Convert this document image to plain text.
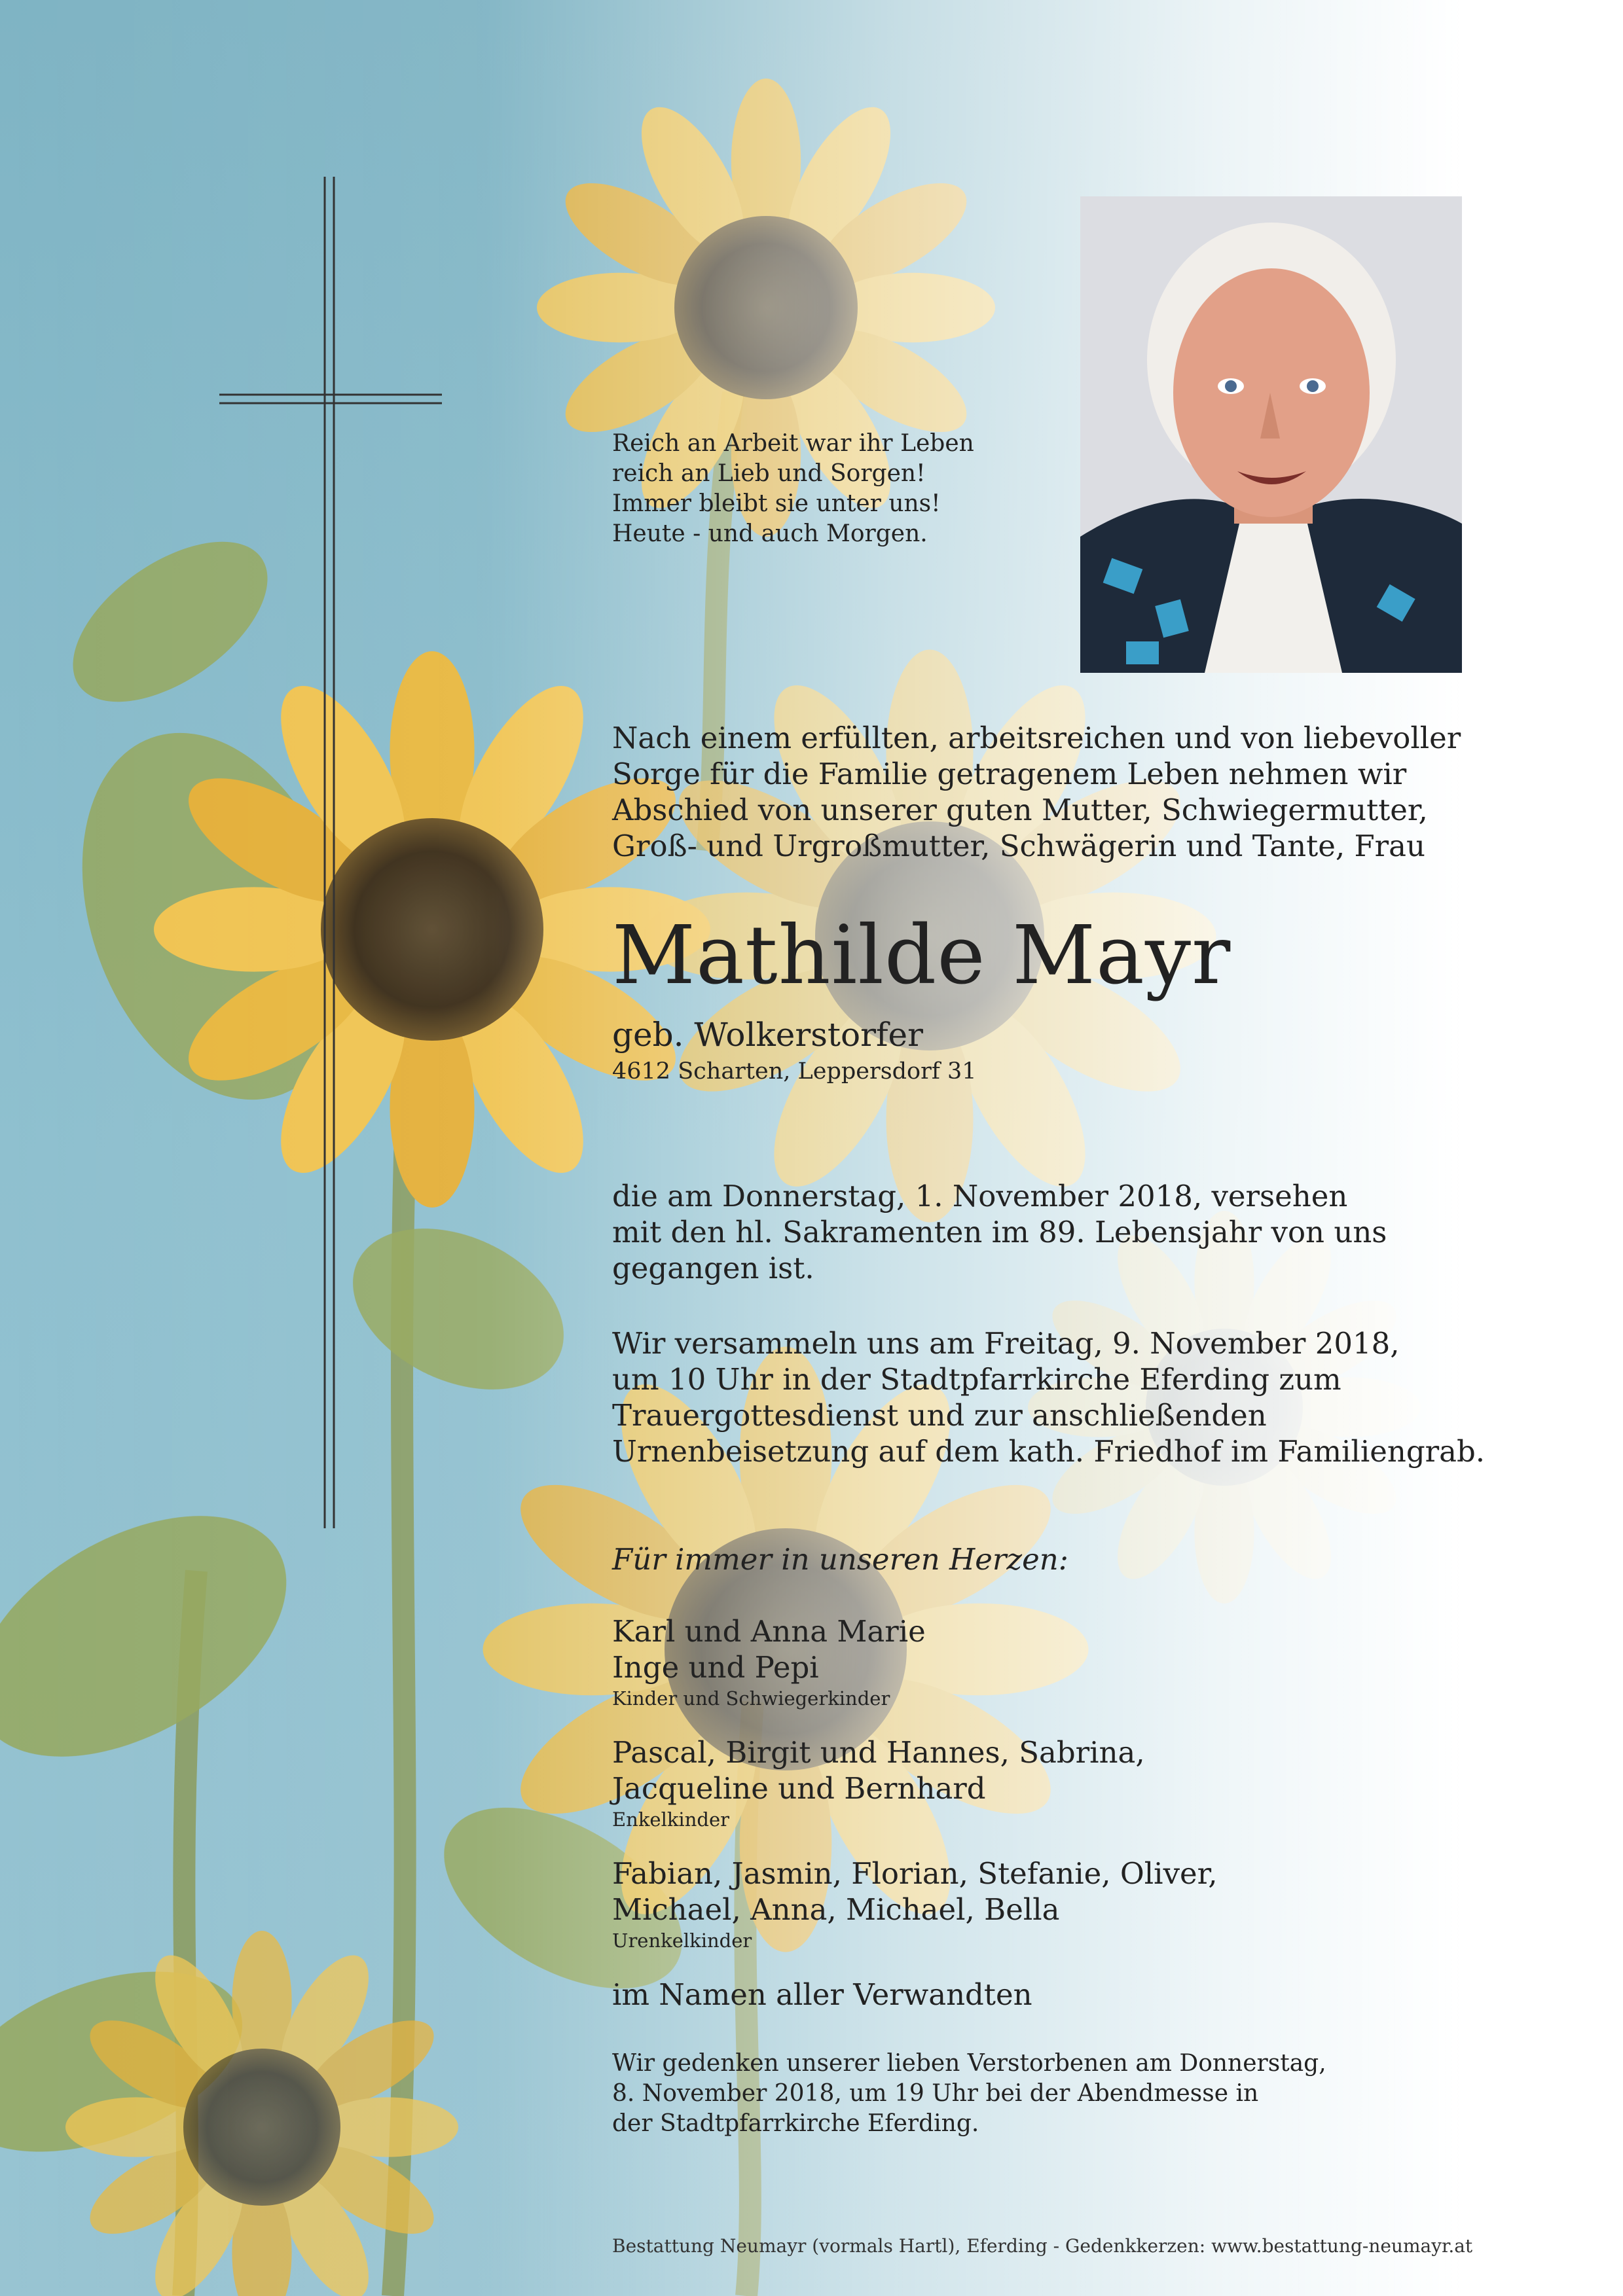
Reich an Arbeit war ihr Leben
reich an Lieb und Sorgen!
Immer bleibt sie unter uns!
Heute - und auch Morgen.
Nach einem erfüllten, arbeitsreichen und von liebevoller
Sorge für die Familie getragenem Leben nehmen wir
Abschied von unserer guten Mutter, Schwiegermutter,
Groß- und Urgroßmutter, Schwägerin und Tante, Frau
Mathilde Mayr
geb. Wolkerstorfer
4612 Scharten, Leppersdorf 31
die am Donnerstag, 1. November 2018, versehen
mit den hl. Sakramenten im 89. Lebensjahr von uns
gegangen ist.
Wir versammeln uns am Freitag, 9. November 2018,
um 10 Uhr in der Stadtpfarrkirche Eferding zum
Trauergottesdienst und zur anschließenden
Urnenbeisetzung auf dem kath. Friedhof im Familiengrab.
Für immer in unseren Herzen:
Karl und Anna Marie
Inge und Pepi
Kinder und Schwiegerkinder
Pascal, Birgit und Hannes, Sabrina,
Jacqueline und Bernhard
Enkelkinder
Fabian, Jasmin, Florian, Stefanie, Oliver,
Michael, Anna, Michael, Bella
Urenkelkinder
im Namen aller Verwandten
Wir gedenken unserer lieben Verstorbenen am Donnerstag,
8. November 2018, um 19 Uhr bei der Abendmesse in
der Stadtpfarrkirche Eferding.
Bestattung Neumayr (vormals Hartl), Eferding - Gedenkkerzen: www.bestattung-neumayr.at
